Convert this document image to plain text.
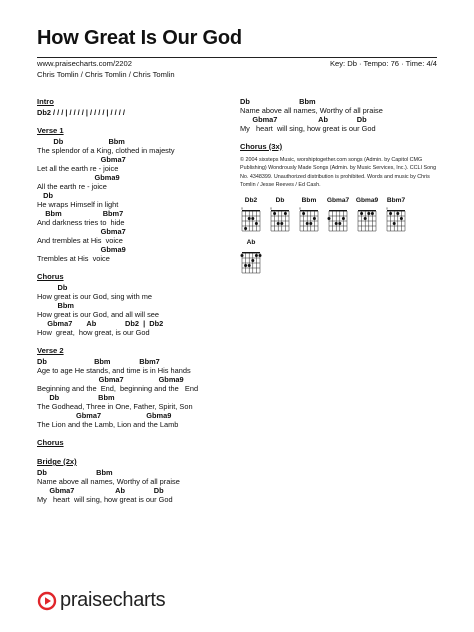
How Great Is Our God
www.praisecharts.com/2202
Chris Tomlin / Chris Tomlin / Chris Tomlin
Key: Db · Tempo: 76 · Time: 4/4
Intro
Db2 / / / | / / / / | / / / / | / / / /
Verse 1
Db                      Bbm
The splendor of a King, clothed in majesty
Gbma7
Let all the earth re - joice
Gbma9
All the earth re - joice
Db
He wraps Himself in light
Bbm                    Bbm7
And darkness tries to  hide
Gbma7
And trembles at His  voice
Gbma9
Trembles at His  voice
Chorus
Db
How great is our God, sing with me
Bbm
How great is our God, and all will see
Gbma7       Ab              Db2  |  Db2
How  great,  how great, is our God
Verse 2
Db                       Bbm              Bbm7
Age to age He stands, and time is in His hands
Gbma7                 Gbma9
Beginning and the  End,  beginning and the   End
Db                   Bbm
The Godhead, Three in One, Father, Spirit, Son
Gbma7                      Gbma9
The Lion and the Lamb, Lion and the Lamb
Chorus
Bridge (2x)
Db                        Bbm
Name above all names, Worthy of all praise
Gbma7                    Ab              Db
My   heart  will sing, how great is our God
Db                        Bbm
Name above all names, Worthy of all praise
Gbma7                    Ab              Db
My   heart  will sing, how great is our God
Chorus (3x)
© 2004 sixsteps Music, worshiptogether.com songs (Admin. by Capitol CMG Publishing) Wondrously Made Songs (Admin. by Music Services, Inc.). CCLI Song No. 4348399. Unauthorized distribution is prohibited. Words and music by Chris Tomlin / Jesse Reeves / Ed Cash.
Db2
x
Db
x
Bbm
x
Gbma7 Gbma9 Bbm7
x
Ab
praisecharts
